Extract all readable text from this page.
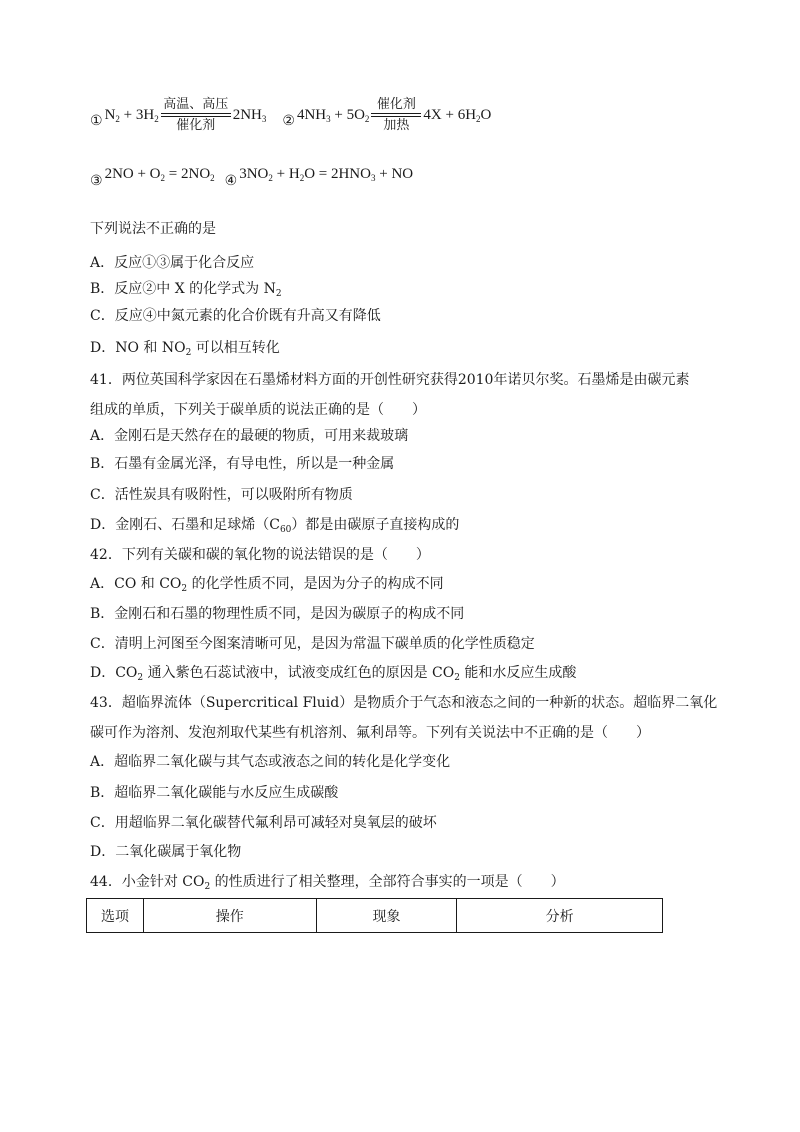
① $N_2 + 3H_2$
高温、高压
催化剂
$2NH_3$ ② $4NH_3 + 5O_2$
催化剂
加热
$4X + 6H_2O$
③ $2NO + O_2 = 2NO_2$ ④ $3NO_2 + H_2O = 2HNO_3$ + NO
下列说法不正确的是
A．反应①③属于化合反应
B．反应②中 X 的化学式为 $N_2$
C．反应④中氮元素的化合价既有升高又有降低
D．NO 和 $NO_2$ 可以相互转化
41．两位英国科学家因在石墨烯材料方面的开创性研究获得2010年诺贝尔奖。石墨烯是由碳元素
组成的单质，下列关于碳单质的说法正确的是（　　）
A．金刚石是天然存在的最硬的物质，可用来裁玻璃
B．石墨有金属光泽，有导电性，所以是一种金属
C．活性炭具有吸附性，可以吸附所有物质
D．金刚石、石墨和足球烯$(C_{60})$都是由碳原子直接构成的
42．下列有关碳和碳的氧化物的说法错误的是（　　）
A．CO 和 $CO_2$ 的化学性质不同，是因为分子的构成不同
B．金刚石和石墨的物理性质不同，是因为碳原子的构成不同
C．清明上河图至今图案清晰可见，是因为常温下碳单质的化学性质稳定
D．$CO_2$ 通入紫色石蕊试液中，试液变成红色的原因是 $CO_2$ 能和水反应生成酸
43．超临界流体（Supercritical Fluid）是物质介于气态和液态之间的一种新的状态。超临界二氧化
碳可作为溶剂、发泡剂取代某些有机溶剂、氟利昂等。下列有关说法中不正确的是（　　）
A．超临界二氧化碳与其气态或液态之间的转化是化学变化
B．超临界二氧化碳能与水反应生成碳酸
C．用超临界二氧化碳替代氟利昂可减轻对臭氧层的破坏
D．二氧化碳属于氧化物
44．小金针对 $CO_2$ 的性质进行了相关整理，全部符合事实的一项是（　　）
选项	操作	现象	分析
